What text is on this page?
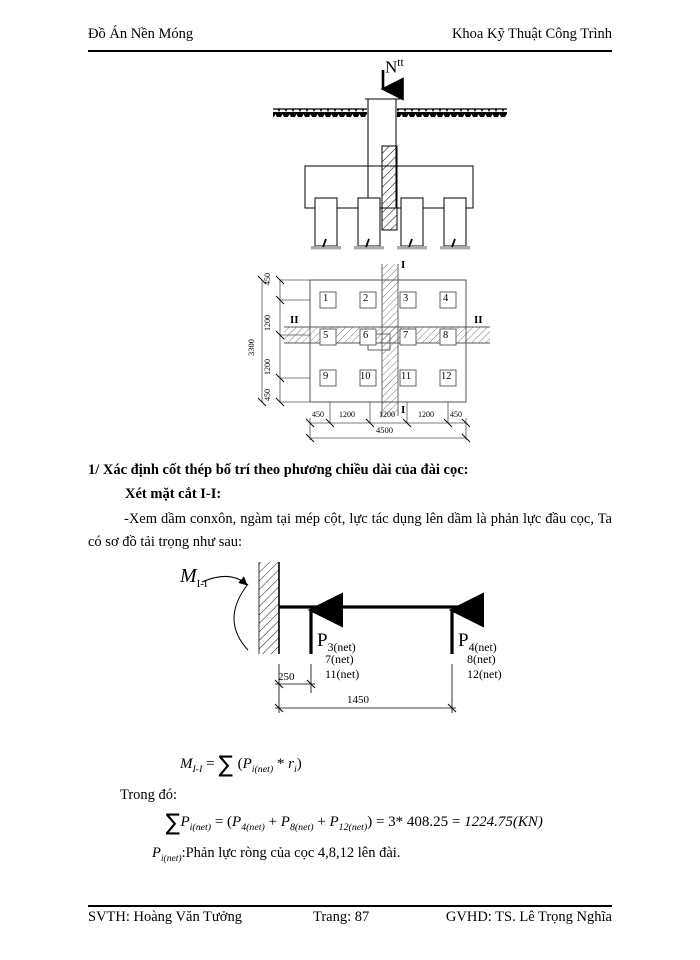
Đồ Án Nền Móng	Khoa Kỹ Thuật Công Trình
$N^{tt}$
1	2	3	4
5	6	7	8
9	10	11	12
I
I
II	II
450
1200
1200
450
3300
450 1200	1200	1200 450
4500
1/ Xác định cốt thép bố trí theo phương chiều dài của đài cọc:
Xét mặt cắt I-I:
-Xem dầm conxôn, ngàm tại mép cột, lực tác dụng lên dầm là phản lực đầu cọc, Ta có sơ đồ tải trọng như sau:
$M_{I-I}$
$P_{3(net)}$
7(net)
11(net)
$P_{4(net)}$
8(net)
12(net)
250
1450
$M_{I-I}$ = ∑ $(P_{i(net)} * r_i)$
Trong đó:
$\sum P_{i(net)} = (P_{4(net)} + P_{8(net)} + P_{12(net)}) = 3*$ 408.25 = 1224.75(KN)
$P_{i(net)}:Phản$ lực ròng của cọc 4,8,12 lên đài.
SVTH: Hoàng Văn Tưởng	Trang: 87	GVHD: TS. Lê Trọng Nghĩa
